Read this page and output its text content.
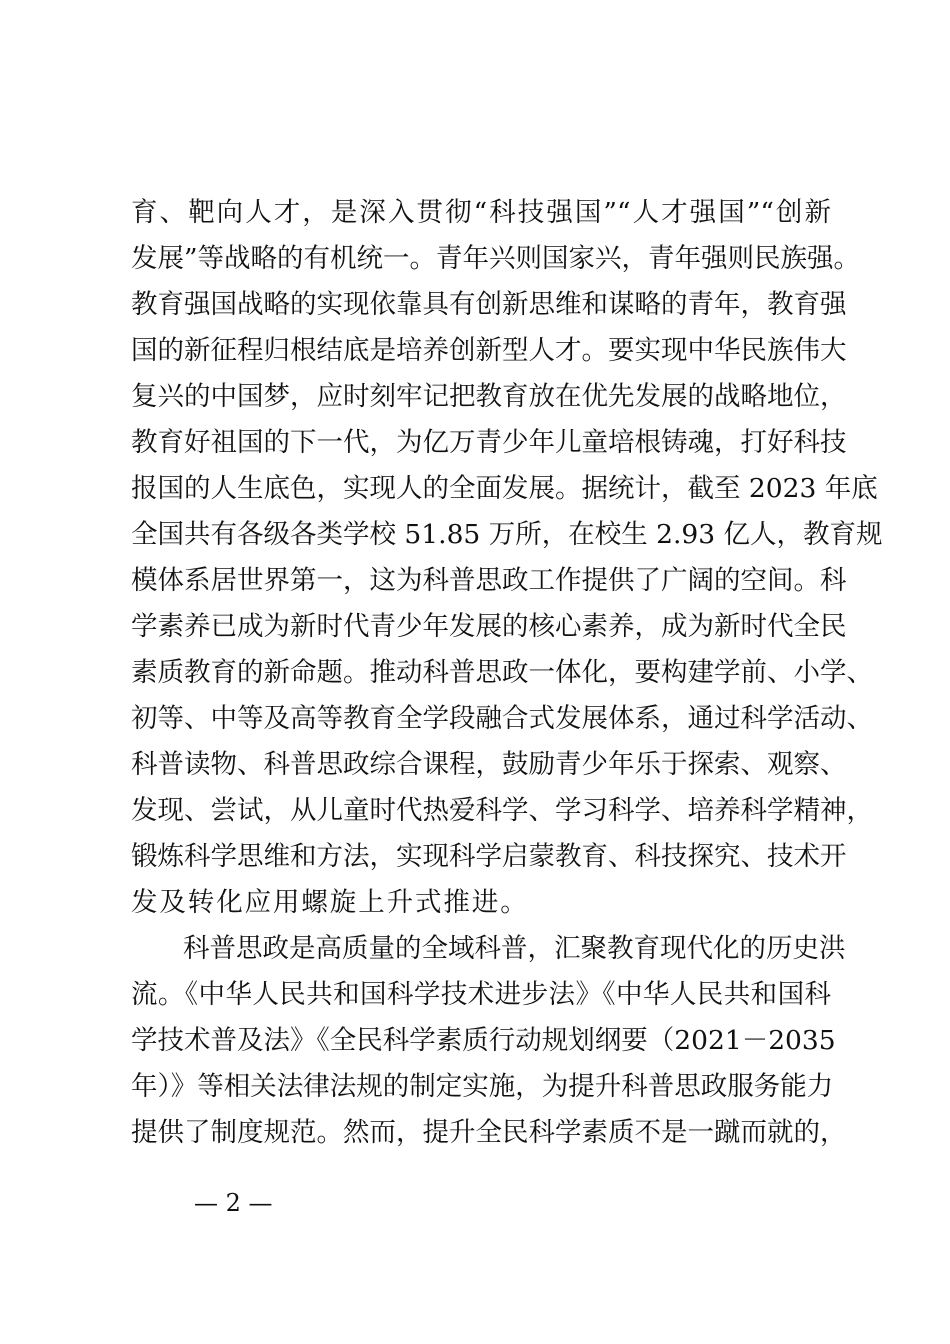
育、靶向人才，是深入贯彻“科技强国”“人才强国”“创新
发展”等战略的有机统一。青年兴则国家兴，青年强则民族强。
教育强国战略的实现依靠具有创新思维和谋略的青年，教育强
国的新征程归根结底是培养创新型人才。要实现中华民族伟大
复兴的中国梦，应时刻牢记把教育放在优先发展的战略地位，
教育好祖国的下一代，为亿万青少年儿童培根铸魂，打好科技
报国的人生底色，实现人的全面发展。据统计，截至 2023 年底
全国共有各级各类学校 51.85 万所，在校生 2.93 亿人，教育规
模体系居世界第一，这为科普思政工作提供了广阔的空间。科
学素养已成为新时代青少年发展的核心素养，成为新时代全民
素质教育的新命题。推动科普思政一体化，要构建学前、小学、
初等、中等及高等教育全学段融合式发展体系，通过科学活动、
科普读物、科普思政综合课程，鼓励青少年乐于探索、观察、
发现、尝试，从儿童时代热爱科学、学习科学、培养科学精神，
锻炼科学思维和方法，实现科学启蒙教育、科技探究、技术开
发及转化应用螺旋上升式推进。
科普思政是高质量的全域科普，汇聚教育现代化的历史洪
流。《中华人民共和国科学技术进步法》《中华人民共和国科
学技术普及法》《全民科学素质行动规划纲要（2021－2035
年）》等相关法律法规的制定实施，为提升科普思政服务能力
提供了制度规范。然而，提升全民科学素质不是一蹴而就的，
— 2 —
